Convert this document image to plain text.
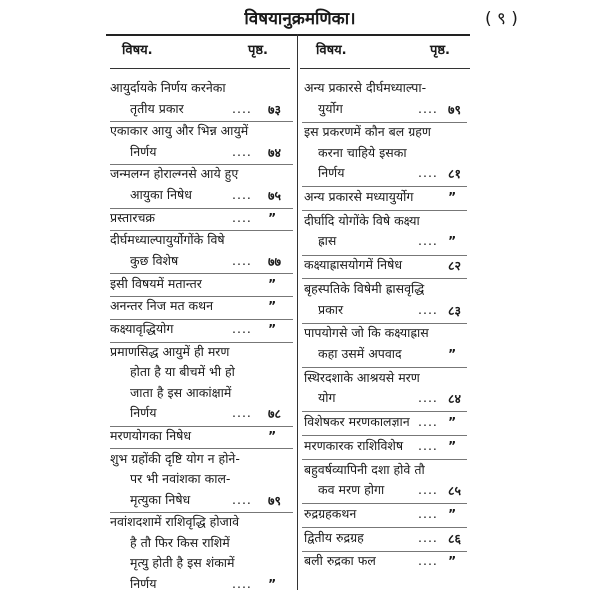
विषयानुक्रमणिका।	( ९ )
विषय.	पृष्ठ.	विषय.	पृष्ठ.
आयुर्दायके निर्णय करनेका
तृतीय प्रकार	.... ७३
एकाकार आयु और भिन्न आयुमें
निर्णय	.... ७४
जन्मलग्न होराल्ग्नसे आये हुए
आयुका निषेध	.... ७५
प्रस्तारचक्र	.... ”
दीर्घमध्याल्पायुर्योगोंके विषे
कुछ विशेष	.... ७७
इसी विषयमें मतान्तर	”
अनन्तर निज मत कथन	”
कक्ष्यावृद्धियोग	.... ”
प्रमाणसिद्ध आयुमें ही मरण
होता है या बीचमें भी हो
जाता है इस आकांक्षामें
निर्णय	.... ७८
मरणयोगका निषेध	”
शुभ ग्रहोंकी दृष्टि योग न होने-
पर भी नवांशका काल-
मृत्युका निषेध	.... ७९
नवांशदशामें राशिवृद्धि होजावे
है तौ फिर किस राशिमें
मृत्यु होती है इस शंकामें
निर्णय	.... ”
अन्य प्रकारसे दीर्घमध्याल्पा-
युर्योग	.... ७९
इस प्रकरणमें कौन बल ग्रहण
करना चाहिये इसका
निर्णय	.... ८१
अन्य प्रकारसे मध्यायुर्योग	”
दीर्घादि योगोंके विषे कक्ष्या
ह्रास	.... ”
कक्ष्याह्रासयोगमें निषेध	८२
बृहस्पतिके विषेमी ह्रासवृद्धि
प्रकार	.... ८३
पापयोगसे जो कि कक्ष्याह्रास
कहा उसमें अपवाद	”
स्थिरदशाके आश्रयसे मरण
योग	.... ८४
विशेषकर मरणकालज्ञान .... ”
मरणकारक राशिविशेष .... ”
बहुवर्षव्यापिनी दशा होवे तौ
कव मरण होगा	.... ८५
रुद्रग्रहकथन	.... ”
द्वितीय रुद्रग्रह	.... ८६
बली रुद्रका फल	.... ”
